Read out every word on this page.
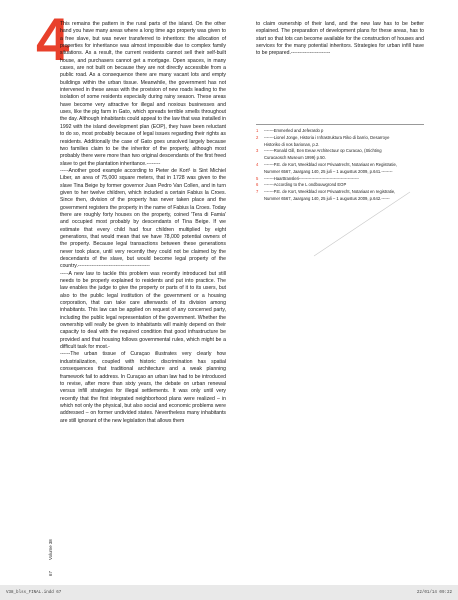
4

This remains the pattern in the rural parts of the island. On the other hand you have many areas where a long time ago property was given to a free slave, but was never transferred to inheritors: the allocation of properties for inheritance was almost impossible due to complex family situations. As a result, the current residents cannot sell their self-built house, and purchasers cannot get a mortgage. Open spaces, in many cases, are not built on because they are not directly accessible from a public road. As a consequence there are many vacant lots and empty buildings within the urban tissue. Meanwhile, the government has not intervened in these areas with the provision of new roads leading to the isolation of some residents especially during rainy season. These areas have become very attractive for illegal and noxious businesses and uses, like the pig farm in Gato, which spreads terrible smells throughout the day. Although inhabitants could appeal to the law that was installed in 1992 with the island development plan (EOP), they have been reluctant to do so, most probably because of legal issues regarding their rights as residents. Additionally the case of Gato goes unsolved largely because two families claim to be the inheritor of the property, although most probably there were more than two original descendants of the first freed slave to get the plantation inheritance.--------

-----Another good example according to Pieter de Kort¹ is Sint Michiel Liber, an area of 75,000 square meters, that in 1728 was given to the slave Tina Beige by former governor Juan Pedro Van Collen, and in turn given to her twelve children, which included a certain Fabius la Croes. Since then, division of the property has never taken place and the government registers the property in the name of Fabius la Croes. Today there are roughly forty houses on the property, coined 'Tera di Famia' and occupied most probably by descendants of Tina Beige. If we estimate that every child had four children multiplied by eight generations, that would mean that we have 78,000 potential owners of the property. Because legal transactions between these generations never took place, until very recently they could not be claimed by the descendants of the slave, but would become legal property of the country.------------------------------------------

-----A new law to tackle this problem was recently introduced but still needs to be properly explained to residents and put into practice. The law enables the judge to give the property or parts of it to its users, but also to the public legal institution of the government or a housing corporation, that can take care afterwards of its division among inhabitants. This law can be applied on request of any concerned party, including the public legal representation of the government. Whether the ownership will really be given to inhabitants will mainly depend on their capacity to deal with the required condition that good infrastructure be provided and that housing follows governmental rules, which might be a difficult task for most.-

------The urban tissue of Curaçao illustrates very clearly how industrialization, coupled with historic discrimination has spatial consequences that traditional architecture and a weak planning framework fail to address. In Curaçao an urban law had to be introduced to revise, after more than sixty years, the debate on urban renewal versus infill strategies for illegal settlements. It was only until very recently that the first integrated neighborhood plans were realized – in which not only the physical, but also social and economic problems were addressed – on former undivided states. Nevertheless many inhabitants are still ignorant of the new legislation that allows them

to claim ownership of their land, and the new law has to be better explained. The preparation of development plans for these areas, has to start so that lots can become available for the construction of houses and services for the many potential inheritors. Strategies for urban infill have to be prepared.-----------------------

1	-------Emmerled and Jeferardo p
2	-------Lionel Jonge, Historia i Infrastruktura Riko di barrio, Desarroye
Historiko di nos barionan, p.2.
3	-------Ronald Gill, Een Eeuw Architectuur op Curacao, (Stichting
Curacaosch Museum 1999) p.50.
4	-------P.E. de Kort, Weekblad voor Privaatrecht, Notariaat en Registratie,
Nummer 6567, Jaargang 140, 25 juli – 1 augustus 2009, p.641.--------
5	-------Haarttransleri-------------------------------------------
6	-------According to the L ondbouwgrond EOP
7	-------P.E. de Kort, Weekblad voor Privaatrecht, Notariaat en registratie,
Nummer 6567, Jaargang 140, 25 juli – 1 augustus 2009, p.642.------
67
Volume 38
V38_blss_FINAL.indd 67	22/01/14 09:22
